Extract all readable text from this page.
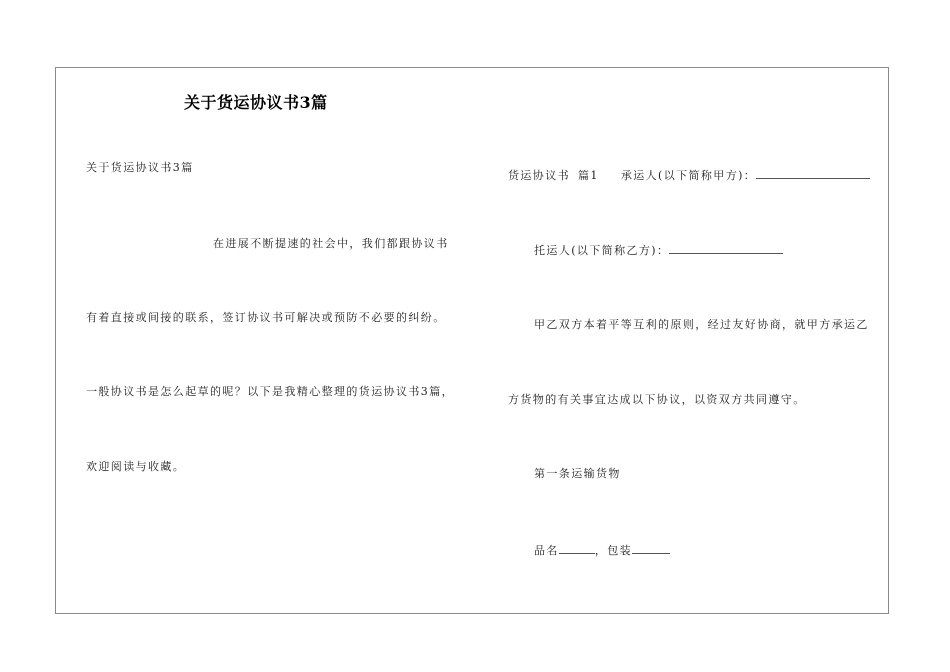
关于货运协议书3篇
关于货运协议书3篇
在进展不断提速的社会中，我们都跟协议书
有着直接或间接的联系，签订协议书可解决或预防不必要的纠纷。
一般协议书是怎么起草的呢？以下是我精心整理的货运协议书3篇，
欢迎阅读与收藏。
货运协议书 篇1 承运人(以下简称甲方)：
托运人(以下简称乙方)：
甲乙双方本着平等互利的原则，经过友好协商，就甲方承运乙
方货物的有关事宜达成以下协议，以资双方共同遵守。
第一条运输货物
品名	，包装
